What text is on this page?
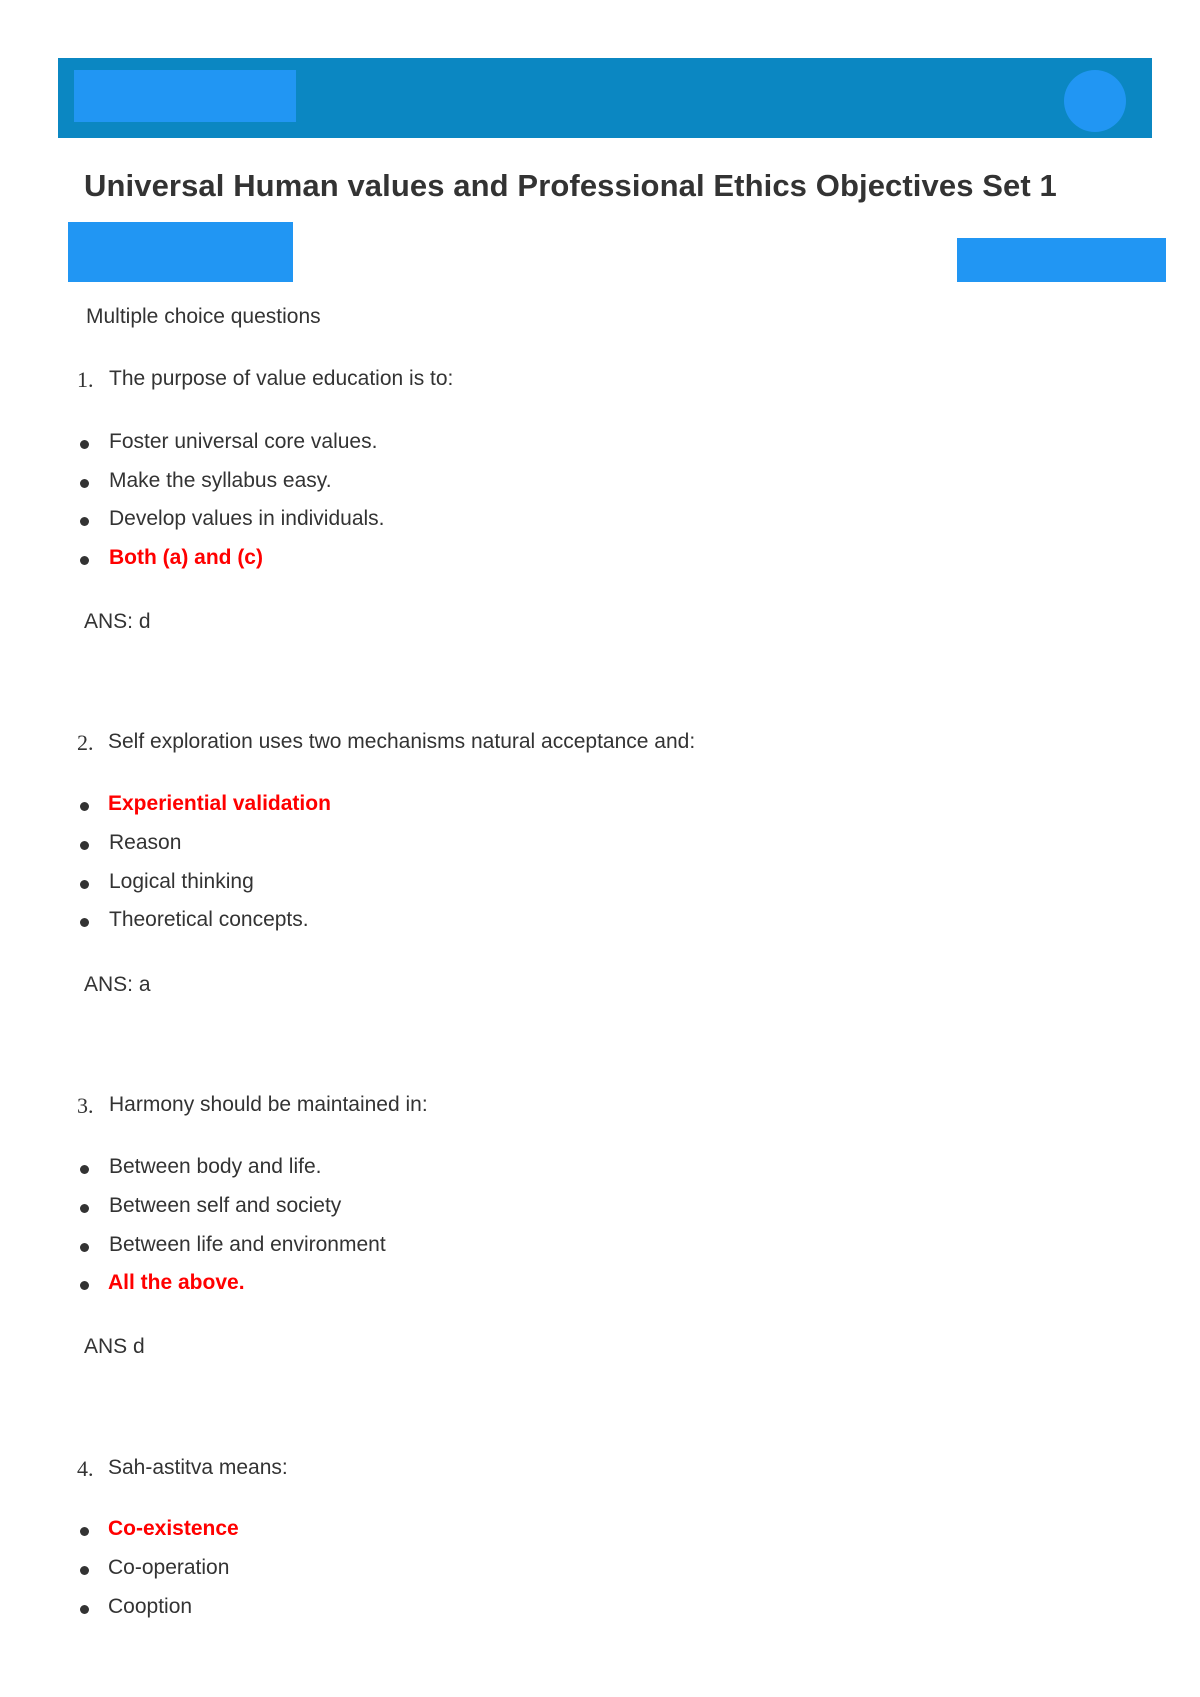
Universal Human values and Professional Ethics Objectives Set 1
Multiple choice questions
1. The purpose of value education is to:
Foster universal core values.
Make the syllabus easy.
Develop values in individuals.
Both (a) and (c)
ANS: d
2. Self exploration uses two mechanisms natural acceptance and:
Experiential validation
Reason
Logical thinking
Theoretical concepts.
ANS: a
3. Harmony should be maintained in:
Between body and life.
Between self and society
Between life and environment
All the above.
ANS d
4. Sah-astitva means:
Co-existence
Co-operation
Cooption
